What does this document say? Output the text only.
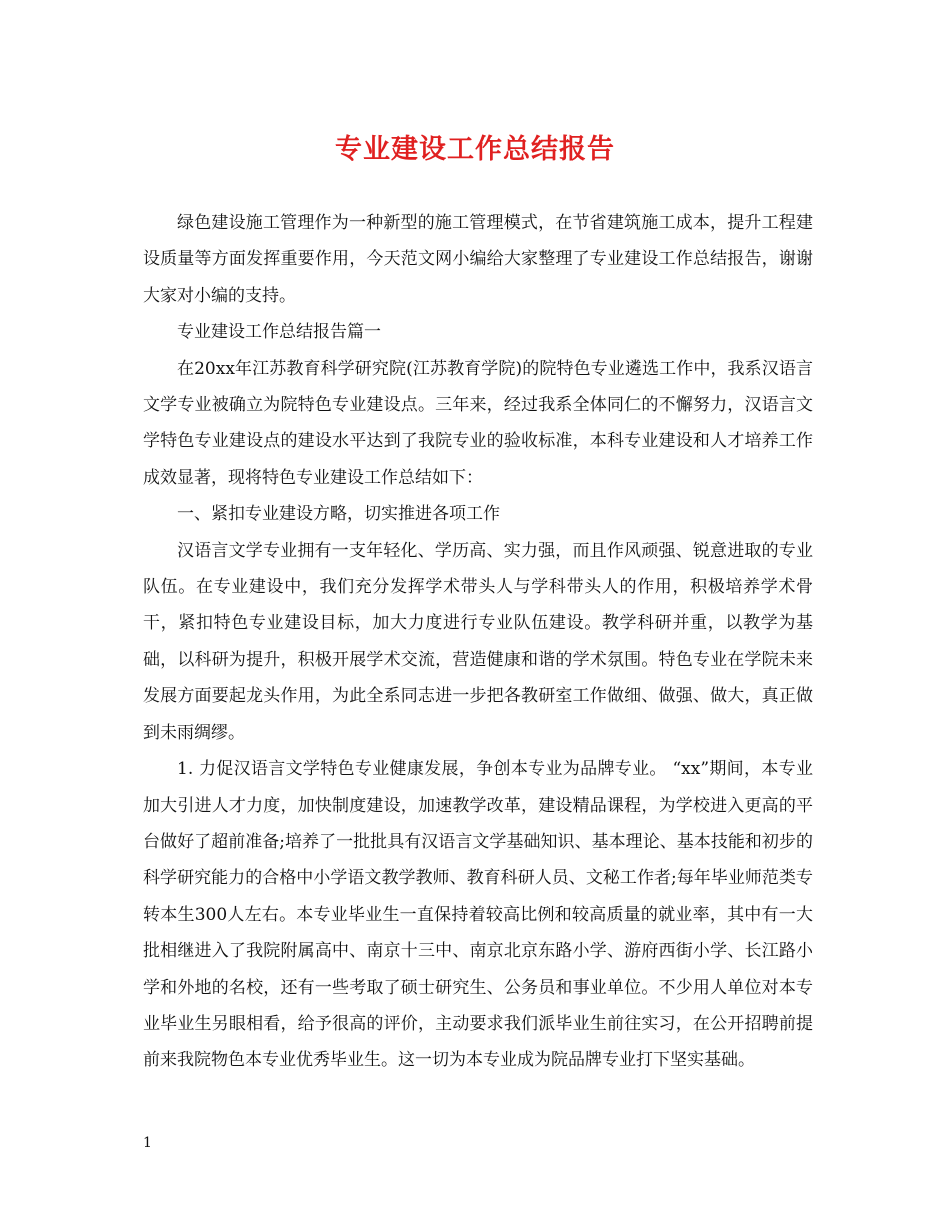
专业建设工作总结报告

绿色建设施工管理作为一种新型的施工管理模式，在节省建筑施工成本，提升工程建设质量等方面发挥重要作用，今天范文网小编给大家整理了专业建设工作总结报告，谢谢大家对小编的支持。

专业建设工作总结报告篇一

在20xx年江苏教育科学研究院(江苏教育学院)的院特色专业遴选工作中，我系汉语言文学专业被确立为院特色专业建设点。三年来，经过我系全体同仁的不懈努力，汉语言文学特色专业建设点的建设水平达到了我院专业的验收标准，本科专业建设和人才培养工作成效显著，现将特色专业建设工作总结如下：

一、紧扣专业建设方略，切实推进各项工作

汉语言文学专业拥有一支年轻化、学历高、实力强，而且作风顽强、锐意进取的专业队伍。在专业建设中，我们充分发挥学术带头人与学科带头人的作用，积极培养学术骨干，紧扣特色专业建设目标，加大力度进行专业队伍建设。教学科研并重，以教学为基础，以科研为提升，积极开展学术交流，营造健康和谐的学术氛围。特色专业在学院未来发展方面要起龙头作用，为此全系同志进一步把各教研室工作做细、做强、做大，真正做到未雨绸缪。

1. 力促汉语言文学特色专业健康发展，争创本专业为品牌专业。 “xx”期间，本专业加大引进人才力度，加快制度建设，加速教学改革，建设精品课程，为学校进入更高的平台做好了超前准备;培养了一批批具有汉语言文学基础知识、基本理论、基本技能和初步的科学研究能力的合格中小学语文教学教师、教育科研人员、文秘工作者;每年毕业师范类专转本生300人左右。本专业毕业生一直保持着较高比例和较高质量的就业率，其中有一大批相继进入了我院附属高中、南京十三中、南京北京东路小学、游府西街小学、长江路小学和外地的名校，还有一些考取了硕士研究生、公务员和事业单位。不少用人单位对本专业毕业生另眼相看，给予很高的评价，主动要求我们派毕业生前往实习，在公开招聘前提前来我院物色本专业优秀毕业生。这一切为本专业成为院品牌专业打下坚实基础。

1
